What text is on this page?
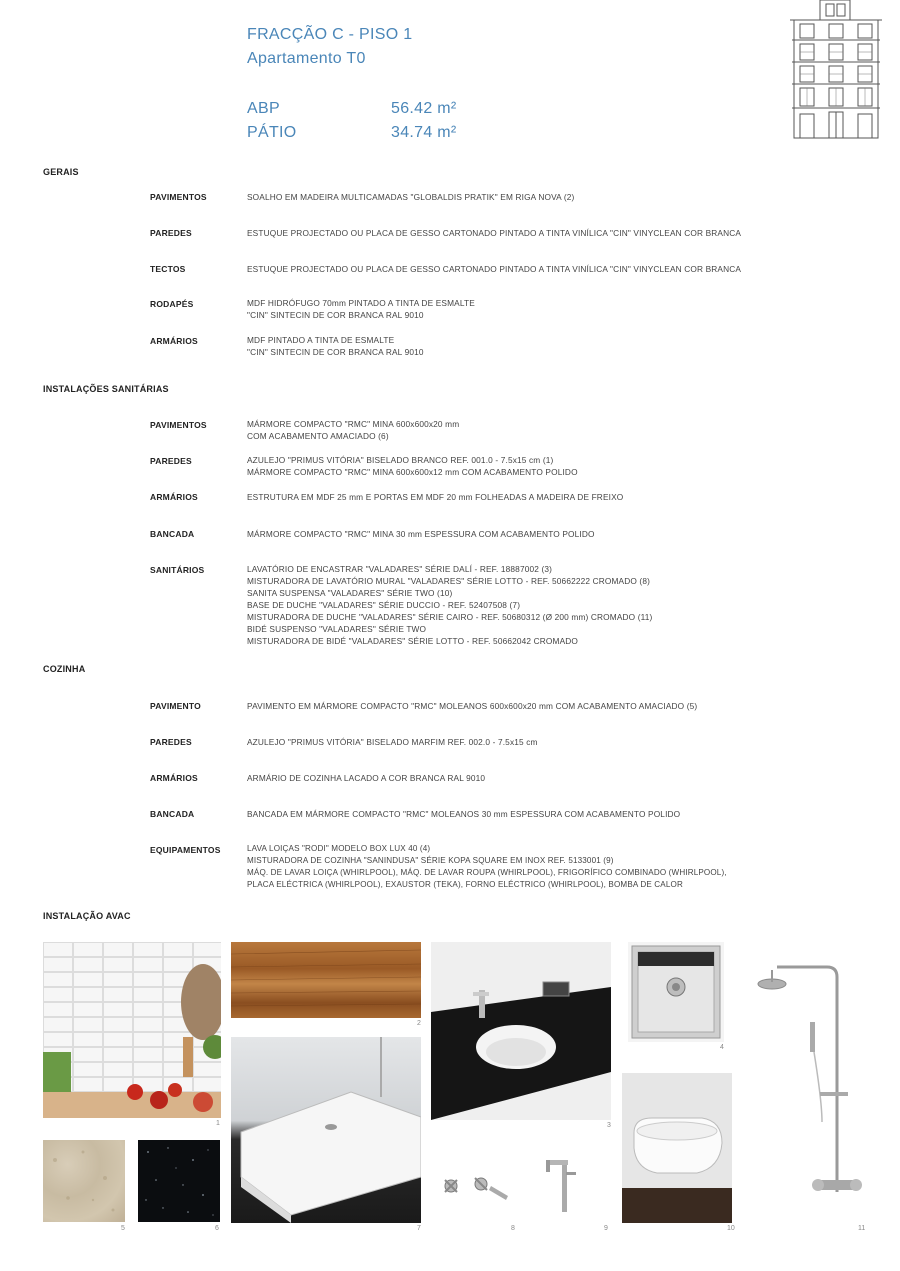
FRACÇÃO C - PISO 1
Apartamento T0
ABP	56.42 m²
PÁTIO	34.74 m²
GERAIS
PAVIMENTOS	SOALHO EM MADEIRA MULTICAMADAS "GLOBALDIS PRATIK" EM RIGA NOVA (2)
PAREDES	ESTUQUE PROJECTADO OU PLACA DE GESSO CARTONADO PINTADO A TINTA VINÍLICA "CIN" VINYCLEAN COR BRANCA
TECTOS	ESTUQUE PROJECTADO OU PLACA DE GESSO CARTONADO PINTADO A TINTA VINÍLICA "CIN" VINYCLEAN COR BRANCA
RODAPÉS	MDF HIDRÓFUGO 70mm PINTADO A TINTA DE ESMALTE
"CIN" SINTECIN DE COR BRANCA RAL 9010
ARMÁRIOS	MDF PINTADO A TINTA DE ESMALTE
"CIN" SINTECIN DE COR BRANCA RAL 9010
INSTALAÇÕES SANITÁRIAS
PAVIMENTOS	MÁRMORE COMPACTO "RMC" MINA 600x600x20 mm
COM ACABAMENTO AMACIADO (6)
PAREDES	AZULEJO "PRIMUS VITÓRIA" BISELADO BRANCO REF. 001.0 - 7.5x15 cm (1)
MÁRMORE COMPACTO "RMC" MINA 600x600x12 mm COM ACABAMENTO POLIDO
ARMÁRIOS	ESTRUTURA EM MDF 25 mm E PORTAS EM MDF 20 mm FOLHEADAS A MADEIRA DE FREIXO
BANCADA	MÁRMORE COMPACTO "RMC" MINA 30 mm ESPESSURA COM ACABAMENTO POLIDO
SANITÁRIOS	LAVATÓRIO DE ENCASTRAR "VALADARES" SÉRIE DALÍ - REF. 18887002 (3)
MISTURADORA DE LAVATÓRIO MURAL "VALADARES" SÉRIE LOTTO - REF. 50662222 CROMADO (8)
SANITA SUSPENSA "VALADARES" SÉRIE TWO (10)
BASE DE DUCHE "VALADARES" SÉRIE DUCCIO - REF. 52407508 (7)
MISTURADORA DE DUCHE "VALADARES" SÉRIE CAIRO - REF. 50680312 (Ø 200 mm) CROMADO (11)
BIDÉ SUSPENSO "VALADARES" SÉRIE TWO
MISTURADORA DE BIDÉ "VALADARES" SÉRIE LOTTO - REF. 50662042 CROMADO
COZINHA
PAVIMENTO	PAVIMENTO EM MÁRMORE COMPACTO "RMC" MOLEANOS 600x600x20 mm COM ACABAMENTO AMACIADO (5)
PAREDES	AZULEJO "PRIMUS VITÓRIA" BISELADO MARFIM REF. 002.0 - 7.5x15 cm
ARMÁRIOS	ARMÁRIO DE COZINHA LACADO A COR BRANCA RAL 9010
BANCADA	BANCADA EM MÁRMORE COMPACTO "RMC" MOLEANOS 30 mm ESPESSURA COM ACABAMENTO POLIDO
EQUIPAMENTOS	LAVA LOIÇAS "RODI" MODELO BOX LUX 40 (4)
MISTURADORA DE COZINHA "SANINDUSA" SÉRIE KOPA SQUARE EM INOX REF. 5133001 (9)
MÁQ. DE LAVAR LOIÇA (WHIRLPOOL), MÁQ. DE LAVAR ROUPA (WHIRLPOOL), FRIGORÍFICO COMBINADO (WHIRLPOOL),
PLACA ELÉCTRICA (WHIRLPOOL), EXAUSTOR (TEKA), FORNO ELÉCTRICO (WHIRLPOOL), BOMBA DE CALOR
INSTALAÇÃO AVAC
1
2
7
3
4
11
10
5	6	8	9
